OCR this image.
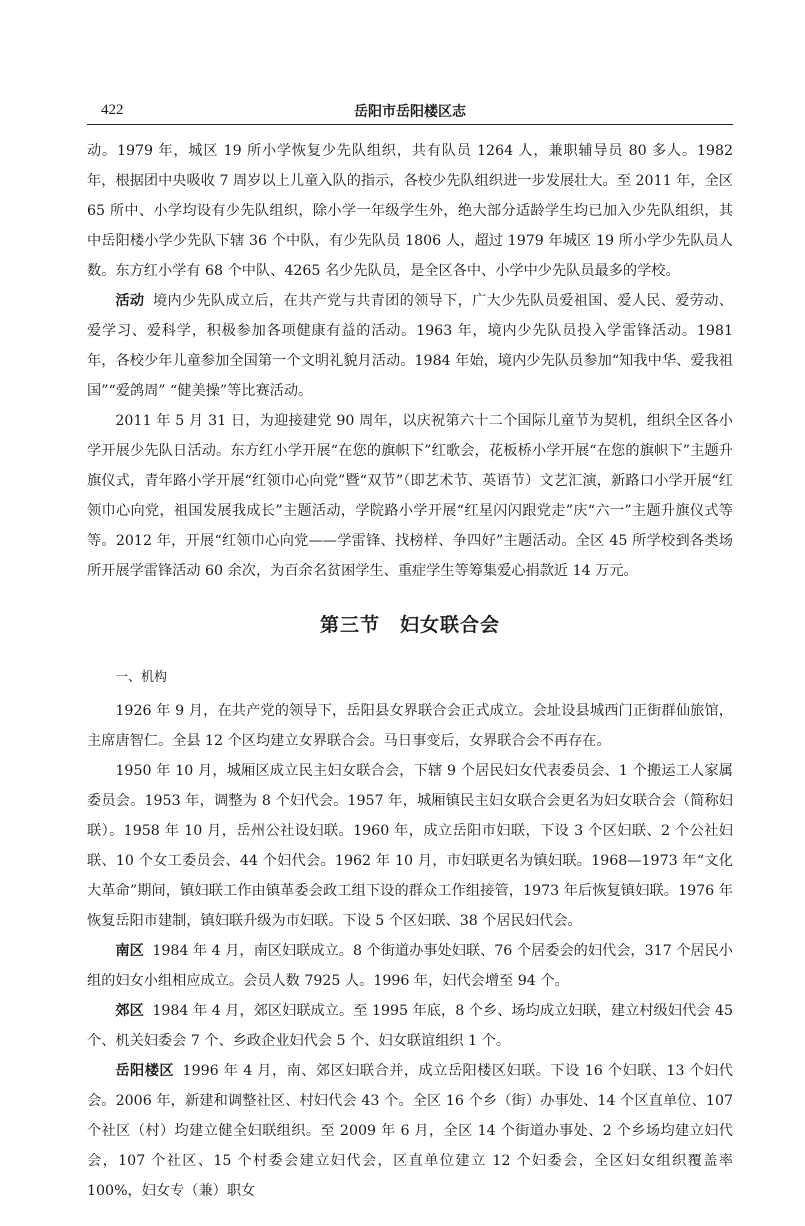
422	岳阳市岳阳楼区志

动。1979 年，城区 19 所小学恢复少先队组织，共有队员 1264 人，兼职辅导员 80 多人。1982 年，根据团中央吸收 7 周岁以上儿童入队的指示，各校少先队组织进一步发展壮大。至 2011 年，全区 65 所中、小学均设有少先队组织，除小学一年级学生外，绝大部分适龄学生均已加入少先队组织，其中岳阳楼小学少先队下辖 36 个中队，有少先队员 1806 人，超过 1979 年城区 19 所小学少先队员人数。东方红小学有 68 个中队、4265 名少先队员，是全区各中、小学中少先队员最多的学校。

活动 境内少先队成立后，在共产党与共青团的领导下，广大少先队员爱祖国、爱人民、爱劳动、爱学习、爱科学，积极参加各项健康有益的活动。1963 年，境内少先队员投入学雷锋活动。1981 年，各校少年儿童参加全国第一个文明礼貌月活动。1984 年始，境内少先队员参加“知我中华、爱我祖国”“爱鸽周” “健美操”等比赛活动。

2011 年 5 月 31 日，为迎接建党 90 周年，以庆祝第六十二个国际儿童节为契机，组织全区各小学开展少先队日活动。东方红小学开展“在您的旗帜下”红歌会，花板桥小学开展“在您的旗帜下”主题升旗仪式，青年路小学开展“红领巾心向党”暨“双节”（即艺术节、英语节）文艺汇演，新路口小学开展“红领巾心向党，祖国发展我成长”主题活动，学院路小学开展“红星闪闪跟党走”庆“六一”主题升旗仪式等等。2012 年，开展“红领巾心向党——学雷锋、找榜样、争四好”主题活动。全区 45 所学校到各类场所开展学雷锋活动 60 余次，为百余名贫困学生、重症学生等筹集爱心捐款近 14 万元。

第三节　妇女联合会
一、机构

1926 年 9 月，在共产党的领导下，岳阳县女界联合会正式成立。会址设县城西门正街群仙旅馆，主席唐智仁。全县 12 个区均建立女界联合会。马日事变后，女界联合会不再存在。

1950 年 10 月，城厢区成立民主妇女联合会，下辖 9 个居民妇女代表委员会、1 个搬运工人家属委员会。1953 年，调整为 8 个妇代会。1957 年，城厢镇民主妇女联合会更名为妇女联合会（简称妇联）。1958 年 10 月，岳州公社设妇联。1960 年，成立岳阳市妇联，下设 3 个区妇联、2 个公社妇联、10 个女工委员会、44 个妇代会。1962 年 10 月，市妇联更名为镇妇联。1968—1973 年“文化大革命”期间，镇妇联工作由镇革委会政工组下设的群众工作组接管，1973 年后恢复镇妇联。1976 年恢复岳阳市建制，镇妇联升级为市妇联。下设 5 个区妇联、38 个居民妇代会。

南区 1984 年 4 月，南区妇联成立。8 个街道办事处妇联、76 个居委会的妇代会，317 个居民小组的妇女小组相应成立。会员人数 7925 人。1996 年，妇代会增至 94 个。

郊区 1984 年 4 月，郊区妇联成立。至 1995 年底，8 个乡、场均成立妇联，建立村级妇代会 45 个、机关妇委会 7 个、乡政企业妇代会 5 个、妇女联谊组织 1 个。

岳阳楼区 1996 年 4 月，南、郊区妇联合并，成立岳阳楼区妇联。下设 16 个妇联、13 个妇代会。2006 年，新建和调整社区、村妇代会 43 个。全区 16 个乡（街）办事处、14 个区直单位、107 个社区（村）均建立健全妇联组织。至 2009 年 6 月，全区 14 个街道办事处、2 个乡场均建立妇代会，107 个社区、15 个村委会建立妇代会，区直单位建立 12 个妇委会，全区妇女组织覆盖率 100%，妇女专（兼）职女
